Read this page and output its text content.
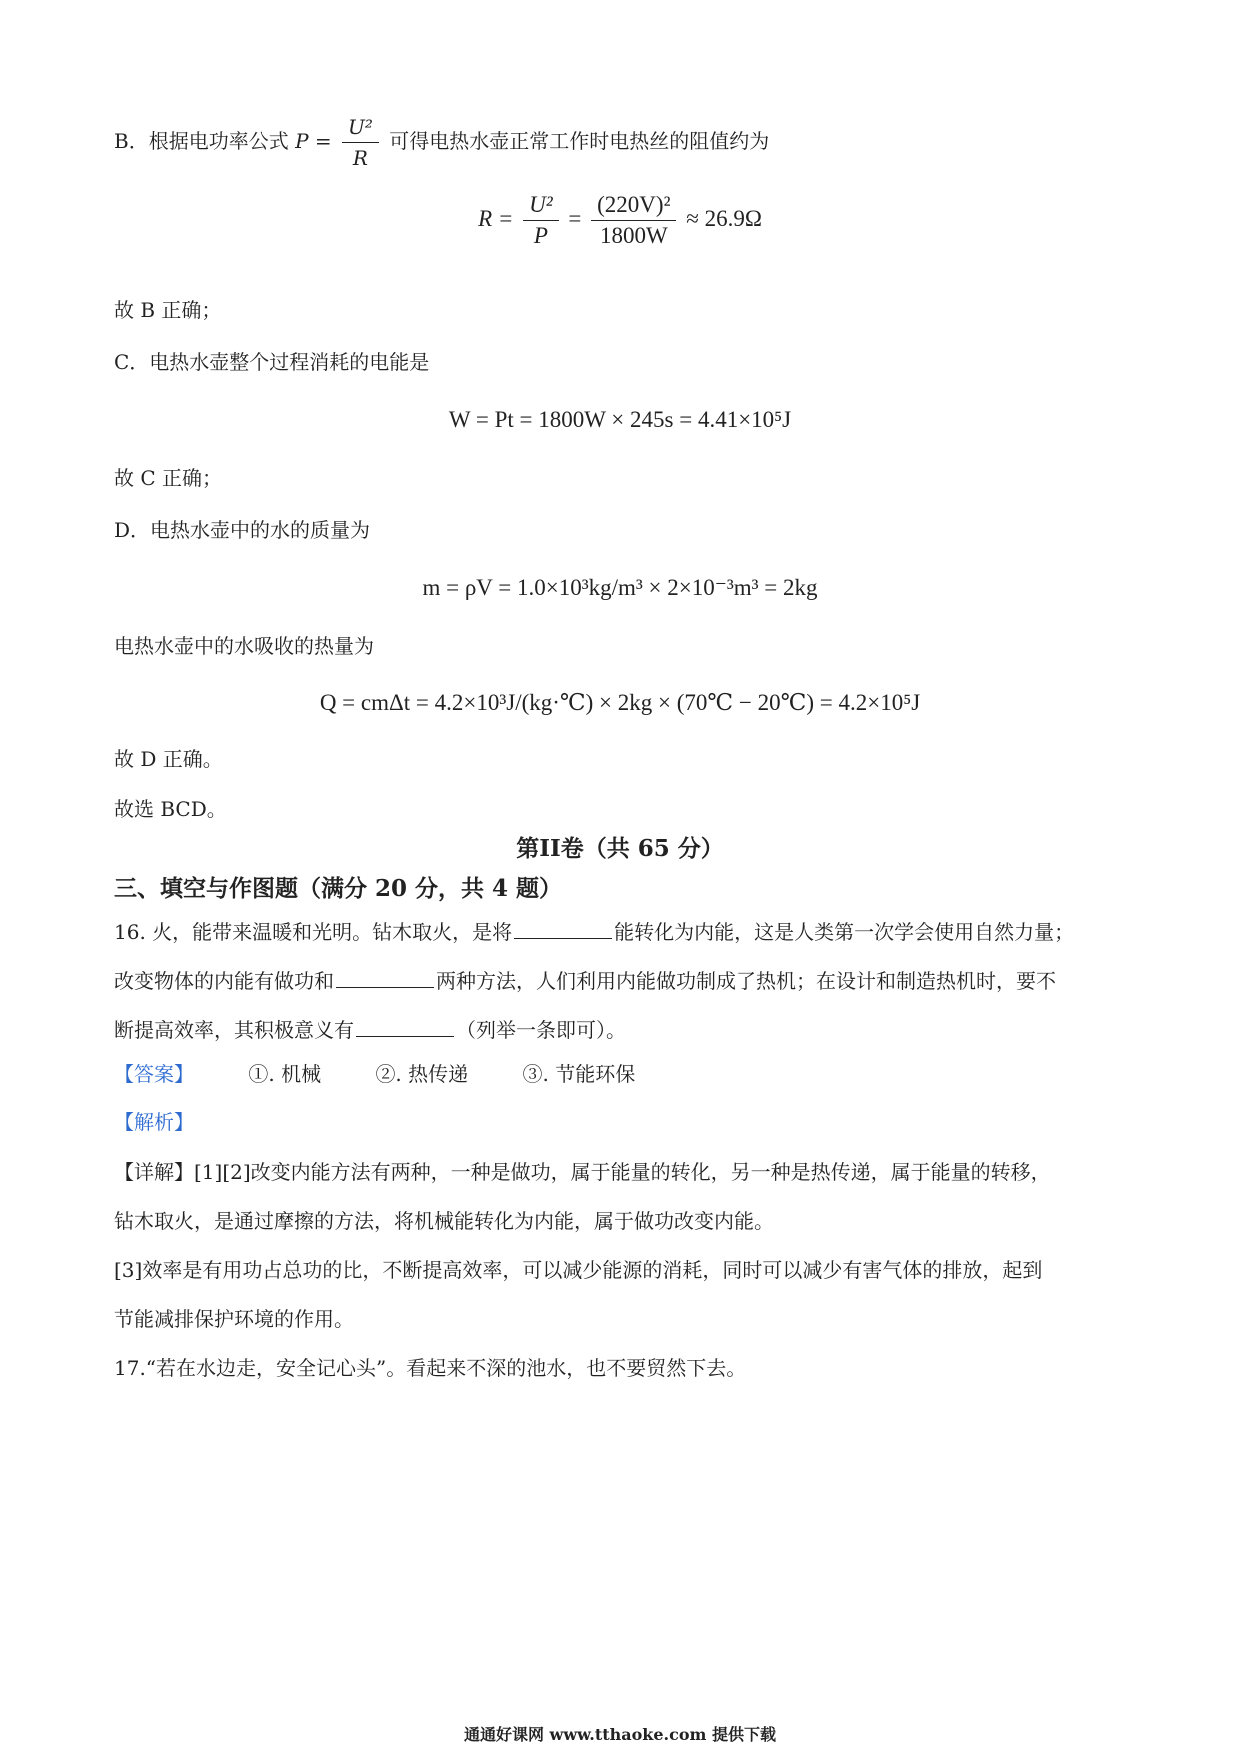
B．根据电功率公式 $P = \frac{\text{U²}}{R}$ 可得电热水壶正常工作时电热丝的阻值约为
$R = \frac{\text{U²}}{P} = \frac{\text{(220V)²}}{1800W} \approx 26.9\Omega$
故 B 正确；
C．电热水壶整个过程消耗的电能是
W = Pt = 1800W × 245s = 4.41×10⁵J
故 C 正确；
D．电热水壶中的水的质量为
m = ρV = 1.0×10³kg/m³ × 2×10⁻³m³ = 2kg
电热水壶中的水吸收的热量为
Q = cmΔt = 4.2×10³J/(kg·℃) × 2kg × (70℃ − 20℃) = 4.2×10⁵J
故 D 正确。
故选 BCD。
第II卷（共 65 分）
三、填空与作图题（满分 20 分，共 4 题）
16. 火，能带来温暖和光明。钻木取火，是将	能转化为内能，这是人类第一次学会使用自然力量；
改变物体的内能有做功和	两种方法，人们利用内能做功制成了热机；在设计和制造热机时，要不
断提高效率，其积极意义有	（列举一条即可）。
【答案】	①. 机械	②. 热传递	③. 节能环保
【解析】
【详解】[1][2]改变内能方法有两种，一种是做功，属于能量的转化，另一种是热传递，属于能量的转移，
钻木取火，是通过摩擦的方法，将机械能转化为内能，属于做功改变内能。
[3]效率是有用功占总功的比，不断提高效率，可以减少能源的消耗，同时可以减少有害气体的排放，起到
节能减排保护环境的作用。
17.“若在水边走，安全记心头”。看起来不深的池水，也不要贸然下去。
通通好课网 www.tthaoke.com 提供下载
